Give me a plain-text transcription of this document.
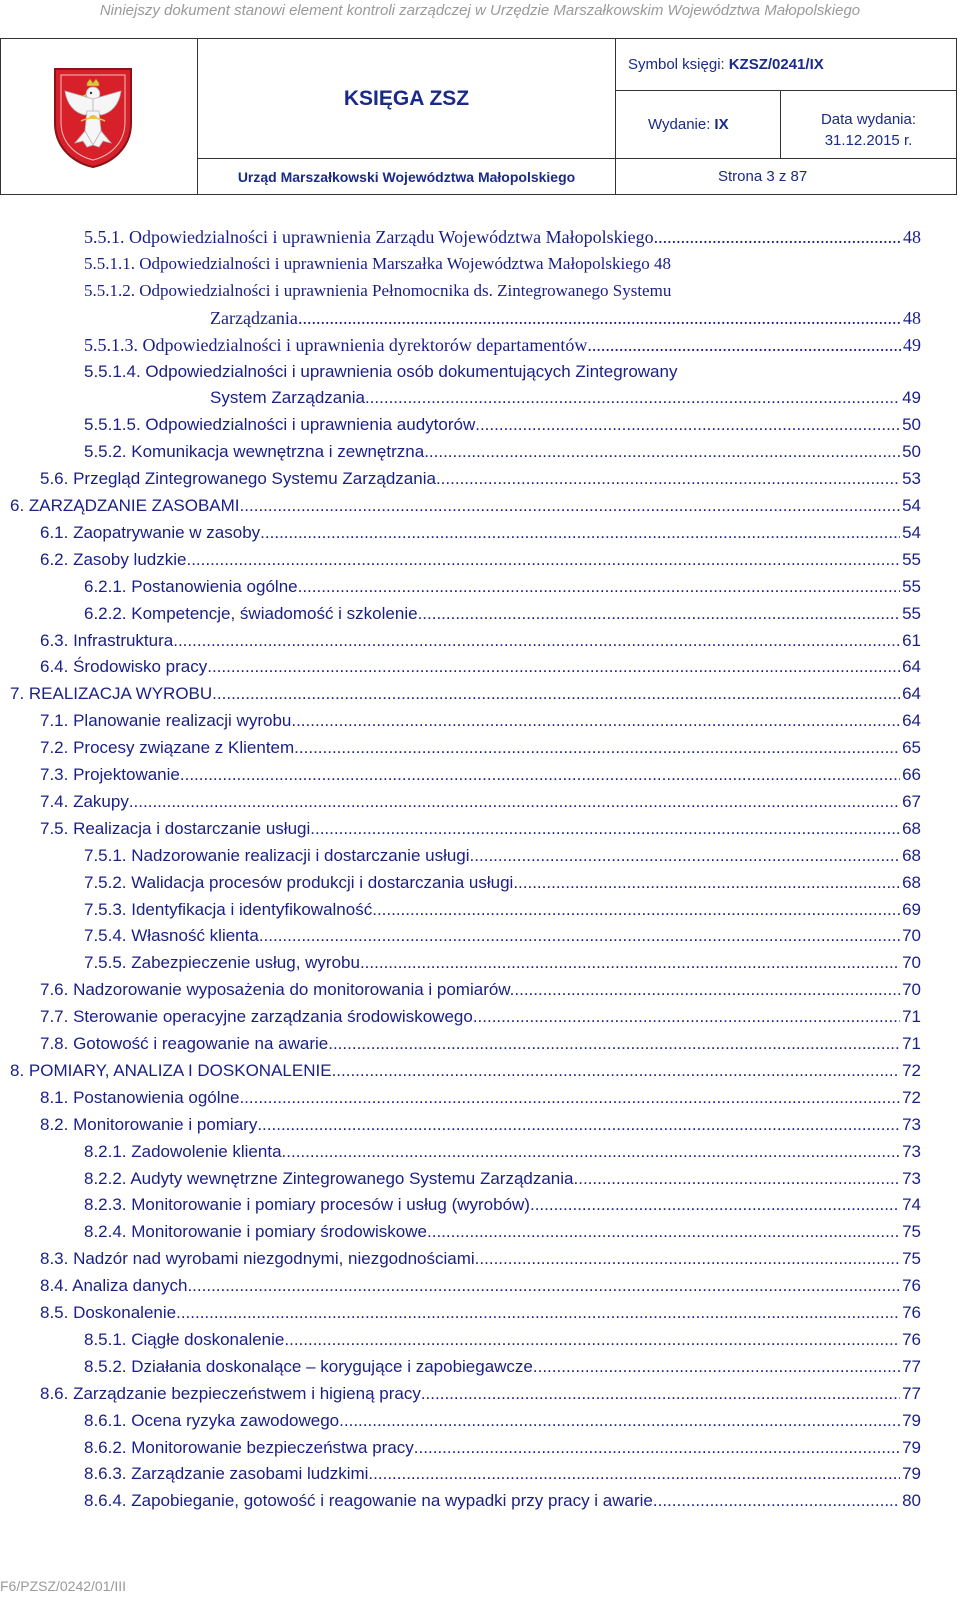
Niniejszy dokument stanowi element kontroli zarządczej w Urzędzie Marszałkowskim Województwa Małopolskiego
KSIĘGA ZSZ
Symbol księgi: KZSZ/0241/IX
Wydanie: IX	Data wydania:
31.12.2015 r.
Urząd Marszałkowski Województwa Małopolskiego	Strona 3 z 87
5.5.1. Odpowiedzialności i uprawnienia Zarządu Województwa Małopolskiego .....	48
5.5.1.1. Odpowiedzialności i uprawnienia Marszałka Województwa Małopolskiego 48
5.5.1.2. Odpowiedzialności i uprawnienia Pełnomocnika ds. Zintegrowanego Systemu
Zarządzania .....	48
5.5.1.3. Odpowiedzialności i uprawnienia dyrektorów departamentów .....	49
5.5.1.4. Odpowiedzialności i uprawnienia osób dokumentujących Zintegrowany
System Zarządzania .....	49
5.5.1.5. Odpowiedzialności i uprawnienia audytorów .....	50
5.5.2. Komunikacja wewnętrzna i zewnętrzna .....	50
5.6. Przegląd Zintegrowanego Systemu Zarządzania .....	53
6. ZARZĄDZANIE ZASOBAMI .....	54
6.1. Zaopatrywanie w zasoby .....	54
6.2. Zasoby ludzkie .....	55
6.2.1. Postanowienia ogólne .....	55
6.2.2. Kompetencje, świadomość i szkolenie .....	55
6.3. Infrastruktura .....	61
6.4. Środowisko pracy .....	64
7. REALIZACJA WYROBU .....	64
7.1. Planowanie realizacji wyrobu .....	64
7.2. Procesy związane z Klientem .....	65
7.3. Projektowanie .....	66
7.4. Zakupy .....	67
7.5. Realizacja i dostarczanie usługi .....	68
7.5.1. Nadzorowanie realizacji i dostarczanie usługi .....	68
7.5.2. Walidacja procesów produkcji i dostarczania usługi .....	68
7.5.3. Identyfikacja i identyfikowalność .....	69
7.5.4. Własność klienta .....	70
7.5.5. Zabezpieczenie usług, wyrobu .....	70
7.6. Nadzorowanie wyposażenia do monitorowania i pomiarów. .....	70
7.7. Sterowanie operacyjne zarządzania środowiskowego .....	71
7.8. Gotowość i reagowanie na awarie .....	71
8. POMIARY, ANALIZA I DOSKONALENIE .....	72
8.1. Postanowienia ogólne .....	72
8.2. Monitorowanie i pomiary .....	73
8.2.1. Zadowolenie klienta .....	73
8.2.2. Audyty wewnętrzne Zintegrowanego Systemu Zarządzania .....	73
8.2.3. Monitorowanie i pomiary procesów i usług (wyrobów) .....	74
8.2.4. Monitorowanie i pomiary środowiskowe .....	75
8.3. Nadzór nad wyrobami niezgodnymi, niezgodnościami .....	75
8.4. Analiza danych .....	76
8.5. Doskonalenie .....	76
8.5.1. Ciągłe doskonalenie .....	76
8.5.2. Działania doskonalące – korygujące i zapobiegawcze .....	77
8.6. Zarządzanie bezpieczeństwem i higieną pracy .....	77
8.6.1. Ocena ryzyka zawodowego .....	79
8.6.2. Monitorowanie bezpieczeństwa pracy .....	79
8.6.3. Zarządzanie zasobami ludzkimi .....	79
8.6.4. Zapobieganie, gotowość i reagowanie na wypadki przy pracy i awarie. .....	80
F6/PZSZ/0242/01/III
